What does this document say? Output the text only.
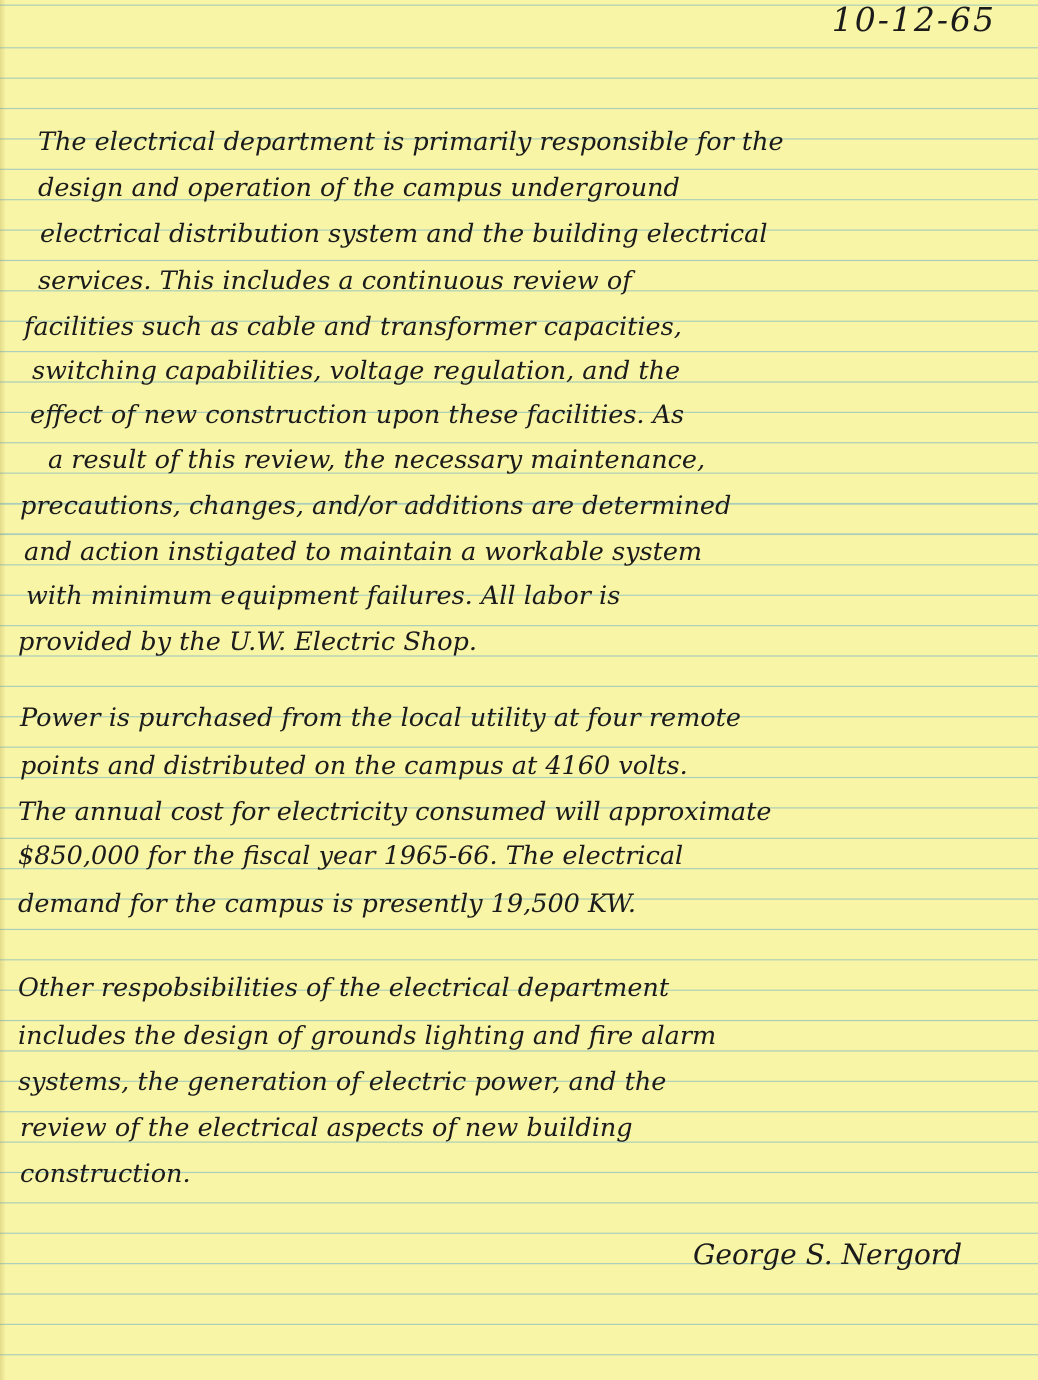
10-12-65
The electrical department is primarily responsible for the
design and operation of the campus underground
electrical distribution system and the building electrical
services. This includes a continuous review of
facilities such as cable and transformer capacities,
switching capabilities, voltage regulation, and the
effect of new construction upon these facilities. As
a result of this review, the necessary maintenance,
precautions, changes, and/or additions are determined
and action instigated to maintain a workable system
with minimum equipment failures. All labor is
provided by the U.W. Electric Shop.
Power is purchased from the local utility at four remote
points and distributed on the campus at 4160 volts.
The annual cost for electricity consumed will approximate
$850,000 for the fiscal year 1965-66. The electrical
demand for the campus is presently 19,500 KW.
Other respobsibilities of the electrical department
includes the design of grounds lighting and fire alarm
systems, the generation of electric power, and the
review of the electrical aspects of new building
construction.
George S. Nergord
